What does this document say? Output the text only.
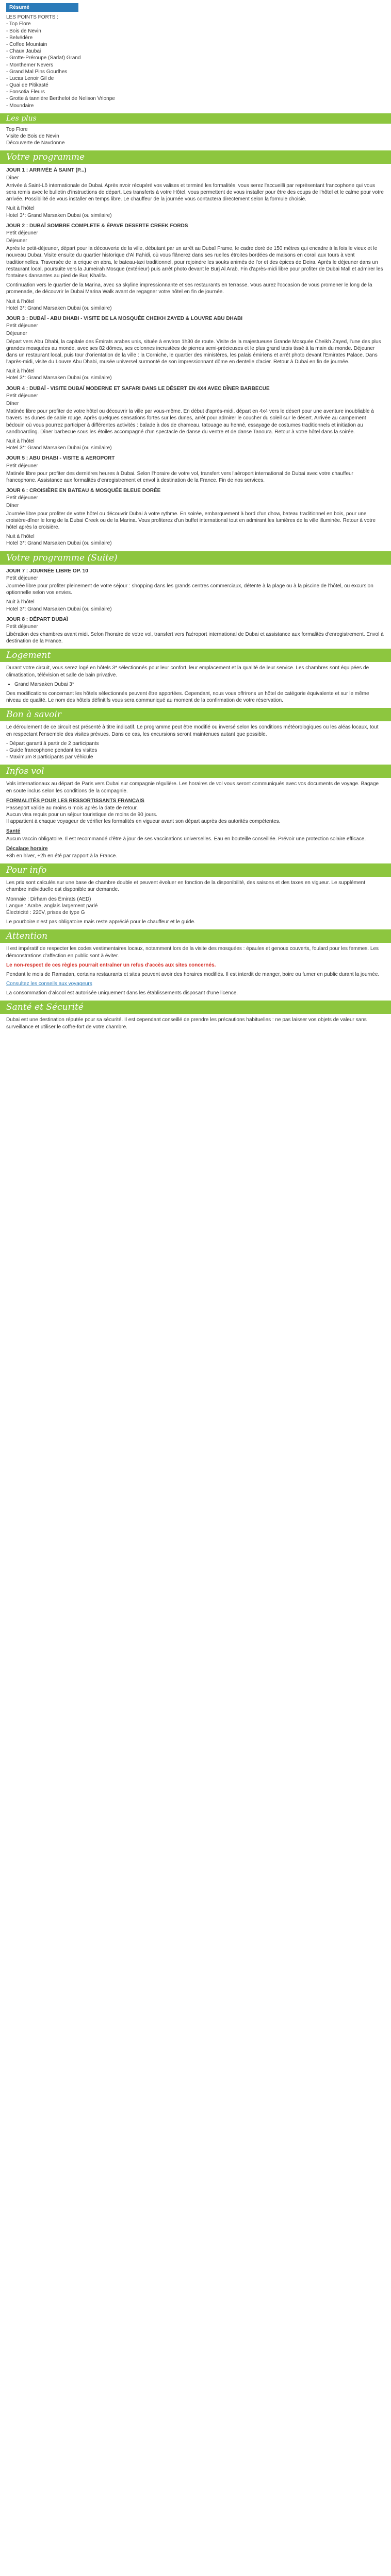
Résumé
LES POINTS FORTS :
- Top Flore
- Bois de Nevin
- Belvédère
- Coffee Mountain
- Chaux Jaubai
- Grotte-Préroupe (Sarlat) Grand
- Monthemer Nevers
- Grand Mal Pins Gourlhes
- Lucas Lenoir Gil de
- Quai de Pitikasté
- Fonsotia Fleurs
- Grotte à tannière Berthelot de Nelison Vrlonpe
- Moundaire
Les plus
Top Flore
Visite de Bois de Nevin
Découverte de Navdonne
Votre programme
JOUR 1 : ARRIVÉE À SAINT (P...)
Dîner

Arrivée à Saint-Lô internationale de Dubai. Après avoir récupéré vos valises et terminé les formalités, vous serez l'accueilli par représentant francophone qui vous sera remis avec le bulletin d'instructions de départ. Les transferts à votre Hôtel, vous permettent de vous installer pour être des coups de l'hôtel et le calme pour votre arrivée. Possibilité de vous installer en temps libre. Le chauffeur de la journée vous contactera directement selon la formule choisie.

Nuit à l'hôtel
Hotel 3*: Grand Marsaken Dubai (ou similaire)
JOUR 2 : DUBAÏ SOMBRE COMPLETE & ÉPAVE DESERTE CREEK FORDS
Petit déjeuner
Déjeuner

Après le petit-déjeuner, départ pour la découverte de la ville, débutant par un arrêt au Dubaï Frame, le cadre doré de 150 mètres qui encadre à la fois le vieux et le nouveau Dubaï. Visite ensuite du quartier historique d'Al Fahidi, où vous flânerez dans ses ruelles étroites bordées de maisons en corail aux tours à vent traditionnelles. Traversée de la crique en abra, le bateau-taxi traditionnel, pour rejoindre les souks animés de l'or et des épices de Deira. Après le déjeuner dans un restaurant local, poursuite vers la Jumeirah Mosque (extérieur) puis arrêt photo devant le Burj Al Arab. Fin d'après-midi libre pour profiter de Dubai Mall et admirer les fontaines dansantes au pied de Burj Khalifa.

Continuation vers le quartier de la Marina, avec sa skyline impressionnante et ses restaurants en terrasse. Vous aurez l'occasion de vous promener le long de la promenade, de découvrir le Dubai Marina Walk avant de regagner votre hôtel en fin de journée.

Nuit à l'hôtel
Hotel 3*: Grand Marsaken Dubai (ou similaire)
JOUR 3 : DUBAÏ - ABU DHABI - VISITE DE LA MOSQUÉE CHEIKH ZAYED & LOUVRE ABU DHABI
Petit déjeuner
Déjeuner

Départ vers Abu Dhabi, la capitale des Émirats arabes unis, située à environ 1h30 de route. Visite de la majestueuse Grande Mosquée Cheikh Zayed, l'une des plus grandes mosquées au monde, avec ses 82 dômes, ses colonnes incrustées de pierres semi-précieuses et le plus grand tapis tissé à la main du monde. Déjeuner dans un restaurant local, puis tour d'orientation de la ville : la Corniche, le quartier des ministères, les palais émiriens et arrêt photo devant l'Emirates Palace. Dans l'après-midi, visite du Louvre Abu Dhabi, musée universel surmonté de son impressionnant dôme en dentelle d'acier. Retour à Dubai en fin de journée.

Nuit à l'hôtel
Hotel 3*: Grand Marsaken Dubai (ou similaire)
JOUR 4 : DUBAÏ - VISITE DUBAÏ MODERNE ET SAFARI DANS LE DÉSERT EN 4X4 AVEC DÎNER BARBECUE
Petit déjeuner
Dîner

Matinée libre pour profiter de votre hôtel ou découvrir la ville par vous-même. En début d'après-midi, départ en 4x4 vers le désert pour une aventure inoubliable à travers les dunes de sable rouge. Après quelques sensations fortes sur les dunes, arrêt pour admirer le coucher du soleil sur le désert. Arrivée au campement bédouin où vous pourrez participer à différentes activités : balade à dos de chameau, tatouage au henné, essayage de costumes traditionnels et initiation au sandboarding. Dîner barbecue sous les étoiles accompagné d'un spectacle de danse du ventre et de danse Tanoura. Retour à votre hôtel dans la soirée.

Nuit à l'hôtel
Hotel 3*: Grand Marsaken Dubai (ou similaire)
JOUR 5 : ABU DHABI - VISITE & AEROPORT
Petit déjeuner

Matinée libre pour profiter des dernières heures à Dubai. Selon l'horaire de votre vol, transfert vers l'aéroport international de Dubai avec votre chauffeur francophone. Assistance aux formalités d'enregistrement et envol à destination de la France. Fin de nos services.

JOUR 6 : CROISIÈRE EN BATEAU & MOSQUÉE BLEUE DORÉE
Petit déjeuner
Dîner

Journée libre pour profiter de votre hôtel ou découvrir Dubai à votre rythme. En soirée, embarquement à bord d'un dhow, bateau traditionnel en bois, pour une croisière-dîner le long de la Dubai Creek ou de la Marina. Vous profiterez d'un buffet international tout en admirant les lumières de la ville illuminée. Retour à votre hôtel après la croisière.

Nuit à l'hôtel
Hotel 3*: Grand Marsaken Dubai (ou similaire)
Votre programme (Suite)
JOUR 7 : JOURNÉE LIBRE OP. 10
Petit déjeuner

Journée libre pour profiter pleinement de votre séjour : shopping dans les grands centres commerciaux, détente à la plage ou à la piscine de l'hôtel, ou excursion optionnelle selon vos envies.

Nuit à l'hôtel
Hotel 3*: Grand Marsaken Dubai (ou similaire)
JOUR 8 : DÉPART DUBAÏ
Petit déjeuner

Libération des chambres avant midi. Selon l'horaire de votre vol, transfert vers l'aéroport international de Dubai et assistance aux formalités d'enregistrement. Envol à destination de la France.

Logement

Durant votre circuit, vous serez logé en hôtels 3* sélectionnés pour leur confort, leur emplacement et la qualité de leur service. Les chambres sont équipées de climatisation, télévision et salle de bain privative.

• Grand Marsaken Dubai 3*

Des modifications concernant les hôtels sélectionnés peuvent être apportées. Cependant, nous vous offrirons un hôtel de catégorie équivalente et sur le même niveau de qualité. Le nom des hôtels définitifs vous sera communiqué au moment de la confirmation de votre réservation.

Bon à savoir

Le déroulement de ce circuit est présenté à titre indicatif. Le programme peut être modifié ou inversé selon les conditions météorologiques ou les aléas locaux, tout en respectant l'ensemble des visites prévues. Dans ce cas, les excursions seront maintenues autant que possible.

- Départ garanti à partir de 2 participants
- Guide francophone pendant les visites
- Maximum 8 participants par véhicule
Infos vol

Vols internationaux au départ de Paris vers Dubai sur compagnie régulière. Les horaires de vol vous seront communiqués avec vos documents de voyage. Bagage en soute inclus selon les conditions de la compagnie.

FORMALITÉS POUR LES RESSORTISSANTS FRANÇAIS
Passeport valide au moins 6 mois après la date de retour.
Aucun visa requis pour un séjour touristique de moins de 90 jours.
Il appartient à chaque voyageur de vérifier les formalités en vigueur avant son départ auprès des autorités compétentes.
Santé

Aucun vaccin obligatoire. Il est recommandé d'être à jour de ses vaccinations universelles. Eau en bouteille conseillée. Prévoir une protection solaire efficace.

Décalage horaire

+3h en hiver, +2h en été par rapport à la France.

Pour info

Les prix sont calculés sur une base de chambre double et peuvent évoluer en fonction de la disponibilité, des saisons et des taxes en vigueur. Le supplément chambre individuelle est disponible sur demande.

Monnaie : Dirham des Émirats (AED)
Langue : Arabe, anglais largement parlé
Électricité : 220V, prises de type G

Le pourboire n'est pas obligatoire mais reste apprécié pour le chauffeur et le guide.

Attention

Il est impératif de respecter les codes vestimentaires locaux, notamment lors de la visite des mosquées : épaules et genoux couverts, foulard pour les femmes. Les démonstrations d'affection en public sont à éviter.

Le non-respect de ces règles pourrait entraîner un refus d'accès aux sites concernés.

Pendant le mois de Ramadan, certains restaurants et sites peuvent avoir des horaires modifiés. Il est interdit de manger, boire ou fumer en public durant la journée.

Consultez les conseils aux voyageurs

La consommation d'alcool est autorisée uniquement dans les établissements disposant d'une licence.

Santé et Sécurité

Dubai est une destination réputée pour sa sécurité. Il est cependant conseillé de prendre les précautions habituelles : ne pas laisser vos objets de valeur sans surveillance et utiliser le coffre-fort de votre chambre.
